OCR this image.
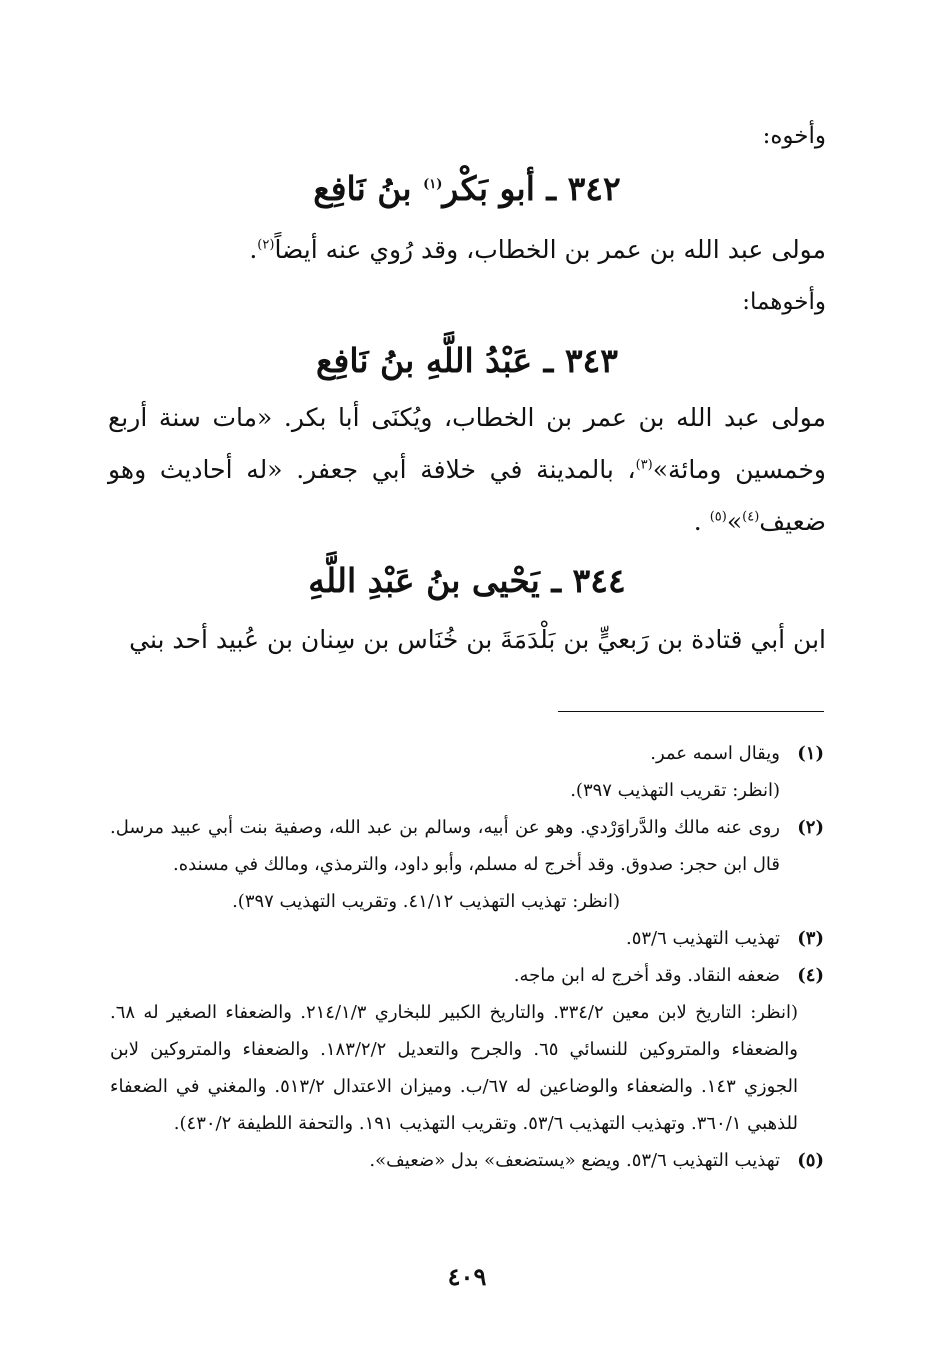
وأخوه:
٣٤٢ ـ أبو بَكْر$^{(١)}$ بنُ نَافِع
مولى عبد الله بن عمر بن الخطاب، وقد رُوي عنه أيضاً$^{(٢)}$.
وأخوهما:
٣٤٣ ـ عَبْدُ اللَّهِ بنُ نَافِع
مولى عبد الله بن عمر بن الخطاب، ويُكنَى أبا بكر. «مات سنة أربع وخمسين ومائة»$^{(٣)}$، بالمدينة في خلافة أبي جعفر. «له أحاديث وهو ضعيف$^{(٤)}$»$^{(٥)}$ .
٣٤٤ ـ يَحْيى بنُ عَبْدِ اللَّهِ
ابن أبي قتادة بن رَبعيٍّ بن بَلْدَمَةَ بن خُنَاس بن سِنان بن عُبيد أحد بني
(١)
ويقال اسمه عمر.
(انظر: تقريب التهذيب ٣٩٧).
(٢)
روى عنه مالك والدَّراوَرْدي. وهو عن أبيه، وسالم بن عبد الله، وصفية بنت أبي عبيد مرسل. قال ابن حجر: صدوق. وقد أخرج له مسلم، وأبو داود، والترمذي، ومالك في مسنده.
(انظر: تهذيب التهذيب ٤١/١٢. وتقريب التهذيب ٣٩٧).
(٣)
تهذيب التهذيب ٥٣/٦.
(٤)
ضعفه النقاد. وقد أخرج له ابن ماجه.
(انظر: التاريخ لابن معين ٣٣٤/٢. والتاريخ الكبير للبخاري ٢١٤/١/٣. والضعفاء الصغير له ٦٨. والضعفاء والمتروكين للنسائي ٦٥. والجرح والتعديل ١٨٣/٢/٢. والضعفاء والمتروكين لابن الجوزي ١٤٣. والضعفاء والوضاعين له ٦٧/ب. وميزان الاعتدال ٥١٣/٢. والمغني في الضعفاء للذهبي ٣٦٠/١. وتهذيب التهذيب ٥٣/٦. وتقريب التهذيب ١٩١. والتحفة اللطيفة ٤٣٠/٢).
(٥)
تهذيب التهذيب ٥٣/٦. ويضع «يستضعف» بدل «ضعيف».
٤٠٩
